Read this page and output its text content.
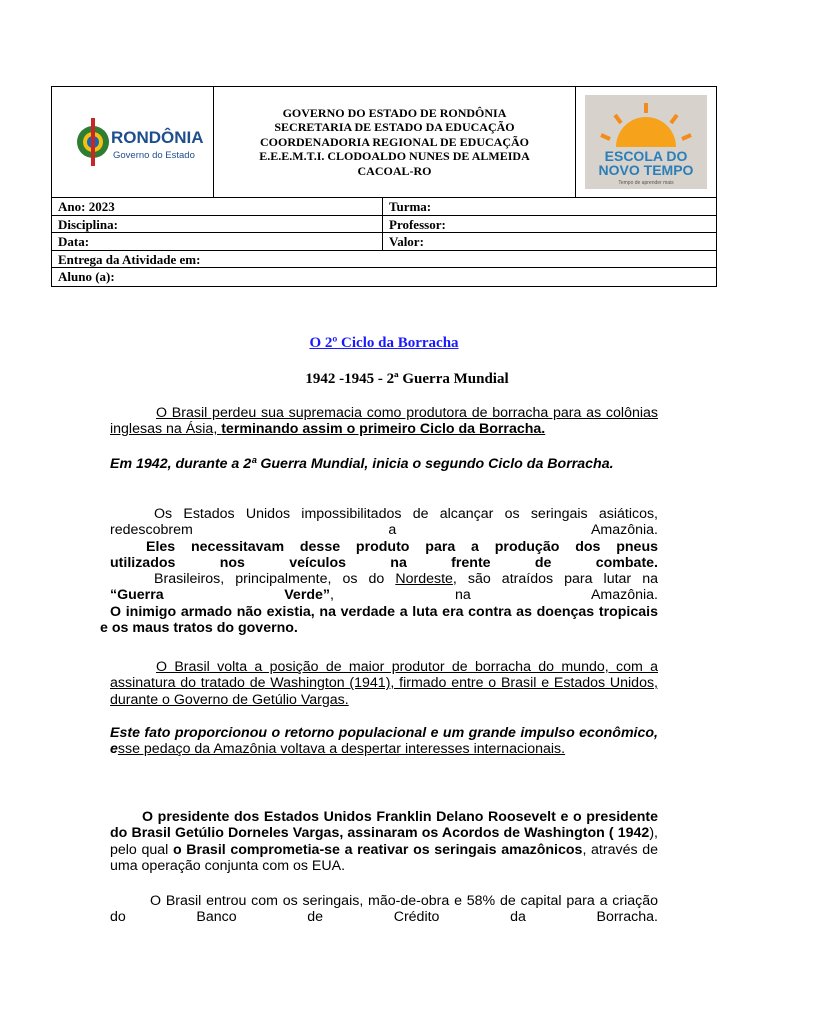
RONDÔNIA
Governo do Estado
GOVERNO DO ESTADO DE RONDÔNIA
SECRETARIA DE ESTADO DA EDUCAÇÃO
COORDENADORIA REGIONAL DE EDUCAÇÃO
E.E.E.M.T.I. CLODOALDO NUNES DE ALMEIDA
CACOAL-RO
ESCOLA DO
NOVO TEMPO
Tempo de aprender mais
Ano: 2023	Turma:
Disciplina:	Professor:
Data:	Valor:
Entrega da Atividade em:
Aluno (a):
O 2º Ciclo da Borracha
1942 -1945 - 2ª Guerra Mundial
O Brasil perdeu sua supremacia como produtora de borracha para as colônias inglesas na Ásia, terminando assim o primeiro Ciclo da Borracha.
Em 1942, durante a 2ª Guerra Mundial, inicia o segundo Ciclo da Borracha.
Os Estados Unidos impossibilitados de alcançar os seringais asiáticos,
redescobrem a Amazônia.
Eles necessitavam desse produto para a produção dos pneus
utilizados nos veículos na frente de combate.
Brasileiros, principalmente, os do Nordeste, são atraídos para lutar na
“Guerra Verde” , na Amazônia.
O inimigo armado não existia, na verdade a luta era contra as doenças tropicais e os maus tratos do governo.
O Brasil volta a posição de maior produtor de borracha do mundo, com a assinatura do tratado de Washington (1941), firmado entre o Brasil e Estados Unidos, durante o Governo de Getúlio Vargas.
Este fato proporcionou o retorno populacional e um grande impulso econômico, esse pedaço da Amazônia voltava a despertar interesses internacionais.
O presidente dos Estados Unidos Franklin Delano Roosevelt e o presidente do Brasil Getúlio Dorneles Vargas, assinaram os Acordos de Washington ( 1942), pelo qual o Brasil comprometia-se a reativar os seringais amazônicos, através de uma operação conjunta com os EUA.
O Brasil entrou com os seringais, mão-de-obra e 58% de capital para a criação do Banco de Crédito da Borracha.
